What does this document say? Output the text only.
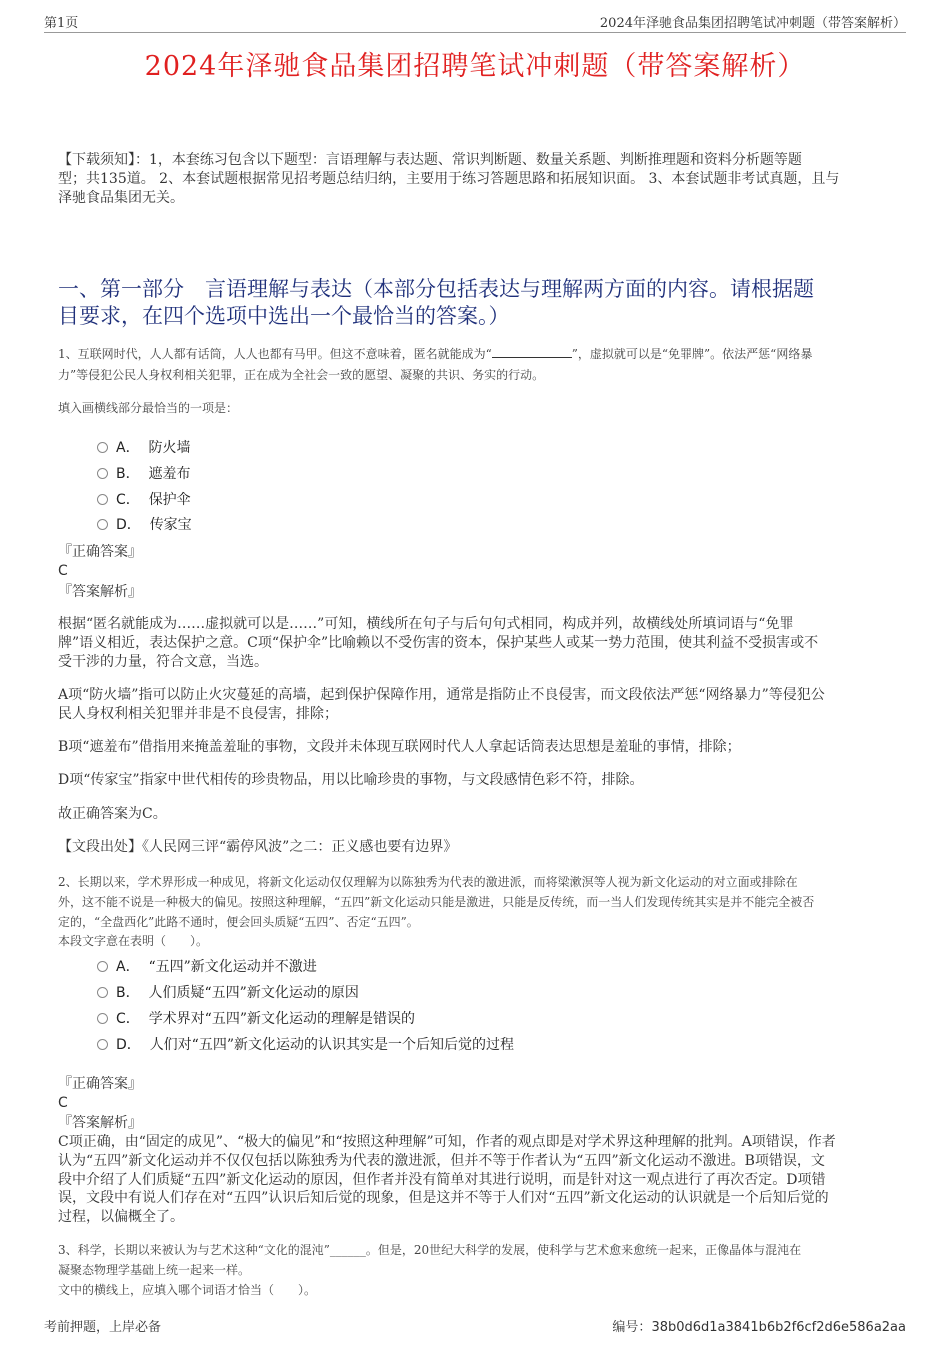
第1页	2024年泽驰食品集团招聘笔试冲刺题（带答案解析）
2024年泽驰食品集团招聘笔试冲刺题（带答案解析）
【下载须知】：1，本套练习包含以下题型：言语理解与表达题、常识判断题、数量关系题、判断推理题和资料分析题等题
型；共135道。 2、本套试题根据常见招考题总结归纳，主要用于练习答题思路和拓展知识面。 3、本套试题非考试真题，且与
泽驰食品集团无关。
一、第一部分　言语理解与表达（本部分包括表达与理解两方面的内容。请根据题
目要求，在四个选项中选出一个最恰当的答案。）
1、互联网时代，人人都有话筒，人人也都有马甲。但这不意味着，匿名就能成为“	”，虚拟就可以是“免罪牌”。依法严惩“网络暴
力”等侵犯公民人身权利相关犯罪，正在成为全社会一致的愿望、凝聚的共识、务实的行动。
填入画横线部分最恰当的一项是：
A． 防火墙
B． 遮羞布
C． 保护伞
D． 传家宝
『正确答案』
C
『答案解析』
根据“匿名就能成为……虚拟就可以是……”可知，横线所在句子与后句句式相同，构成并列，故横线处所填词语与“免罪
牌”语义相近，表达保护之意。C项“保护伞”比喻赖以不受伤害的资本，保护某些人或某一势力范围，使其利益不受损害或不
受干涉的力量，符合文意，当选。
A项“防火墙”指可以防止火灾蔓延的高墙，起到保护保障作用，通常是指防止不良侵害，而文段依法严惩“网络暴力”等侵犯公
民人身权利相关犯罪并非是不良侵害，排除；
B项“遮羞布”借指用来掩盖羞耻的事物，文段并未体现互联网时代人人拿起话筒表达思想是羞耻的事情，排除；
D项“传家宝”指家中世代相传的珍贵物品，用以比喻珍贵的事物，与文段感情色彩不符，排除。
故正确答案为C。
【文段出处】《人民网三评“霸停风波”之二：正义感也要有边界》
2、长期以来，学术界形成一种成见，将新文化运动仅仅理解为以陈独秀为代表的激进派，而将梁漱溟等人视为新文化运动的对立面或排除在
外，这不能不说是一种极大的偏见。按照这种理解，“五四”新文化运动只能是激进，只能是反传统，而一当人们发现传统其实是并不能完全被否
定的，“全盘西化”此路不通时，便会回头质疑“五四”、否定“五四”。
本段文字意在表明（　　）。
A． “五四”新文化运动并不激进
B． 人们质疑“五四”新文化运动的原因
C． 学术界对“五四”新文化运动的理解是错误的
D． 人们对“五四”新文化运动的认识其实是一个后知后觉的过程
『正确答案』
C
『答案解析』
C项正确，由“固定的成见”、“极大的偏见”和“按照这种理解”可知，作者的观点即是对学术界这种理解的批判。A项错误，作者
认为“五四”新文化运动并不仅仅包括以陈独秀为代表的激进派，但并不等于作者认为“五四”新文化运动不激进。B项错误，文
段中介绍了人们质疑“五四”新文化运动的原因，但作者并没有简单对其进行说明，而是针对这一观点进行了再次否定。D项错
误，文段中有说人们存在对“五四”认识后知后觉的现象，但是这并不等于人们对“五四”新文化运动的认识就是一个后知后觉的
过程，以偏概全了。
3、科学，长期以来被认为与艺术这种“文化的混沌”______。但是，20世纪大科学的发展，使科学与艺术愈来愈统一起来，正像晶体与混沌在
凝聚态物理学基础上统一起来一样。
文中的横线上，应填入哪个词语才恰当（　　）。
考前押题，上岸必备	编号：38b0d6d1a3841b6b2f6cf2d6e586a2aa
